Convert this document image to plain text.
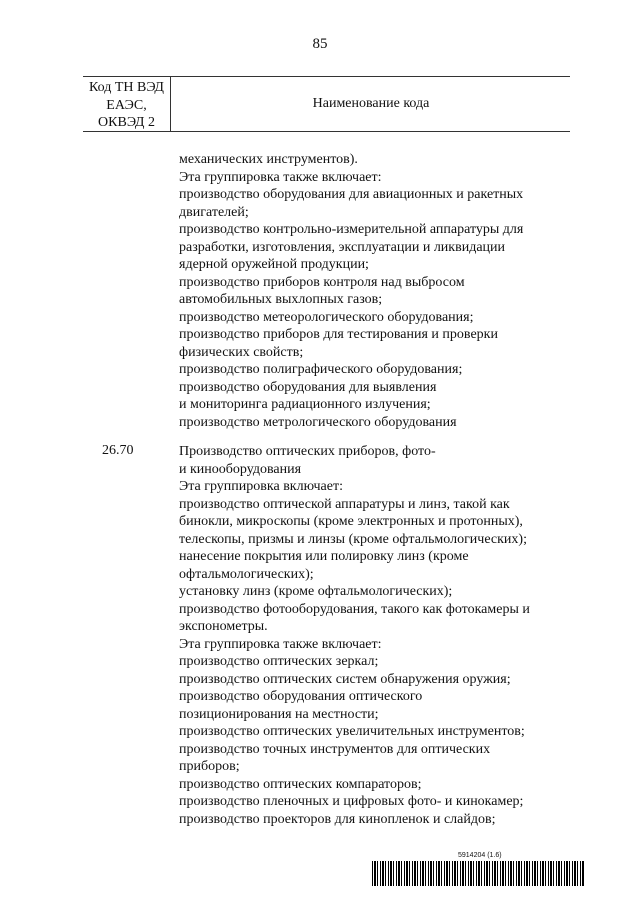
85
Код ТН ВЭД
ЕАЭС,
ОКВЭД 2
Наименование кода
механических инструментов).
Эта группировка также включает:
производство оборудования для авиационных и ракетных
двигателей;
производство контрольно-измерительной аппаратуры для
разработки, изготовления, эксплуатации и ликвидации
ядерной оружейной продукции;
производство приборов контроля над выбросом
автомобильных выхлопных газов;
производство метеорологического оборудования;
производство приборов для тестирования и проверки
физических свойств;
производство полиграфического оборудования;
производство оборудования для выявления
и мониторинга радиационного излучения;
производство метрологического оборудования
26.70	Производство оптических приборов, фото-
и кинооборудования
Эта группировка включает:
производство оптической аппаратуры и линз, такой как
бинокли, микроскопы (кроме электронных и протонных),
телескопы, призмы и линзы (кроме офтальмологических);
нанесение покрытия или полировку линз (кроме
офтальмологических);
установку линз (кроме офтальмологических);
производство фотооборудования, такого как фотокамеры и
экспонометры.
Эта группировка также включает:
производство оптических зеркал;
производство оптических систем обнаружения оружия;
производство оборудования оптического
позиционирования на местности;
производство оптических увеличительных инструментов;
производство точных инструментов для оптических
приборов;
производство оптических компараторов;
производство пленочных и цифровых фото- и кинокамер;
производство проекторов для кинопленок и слайдов;
5914204 (1.6)
